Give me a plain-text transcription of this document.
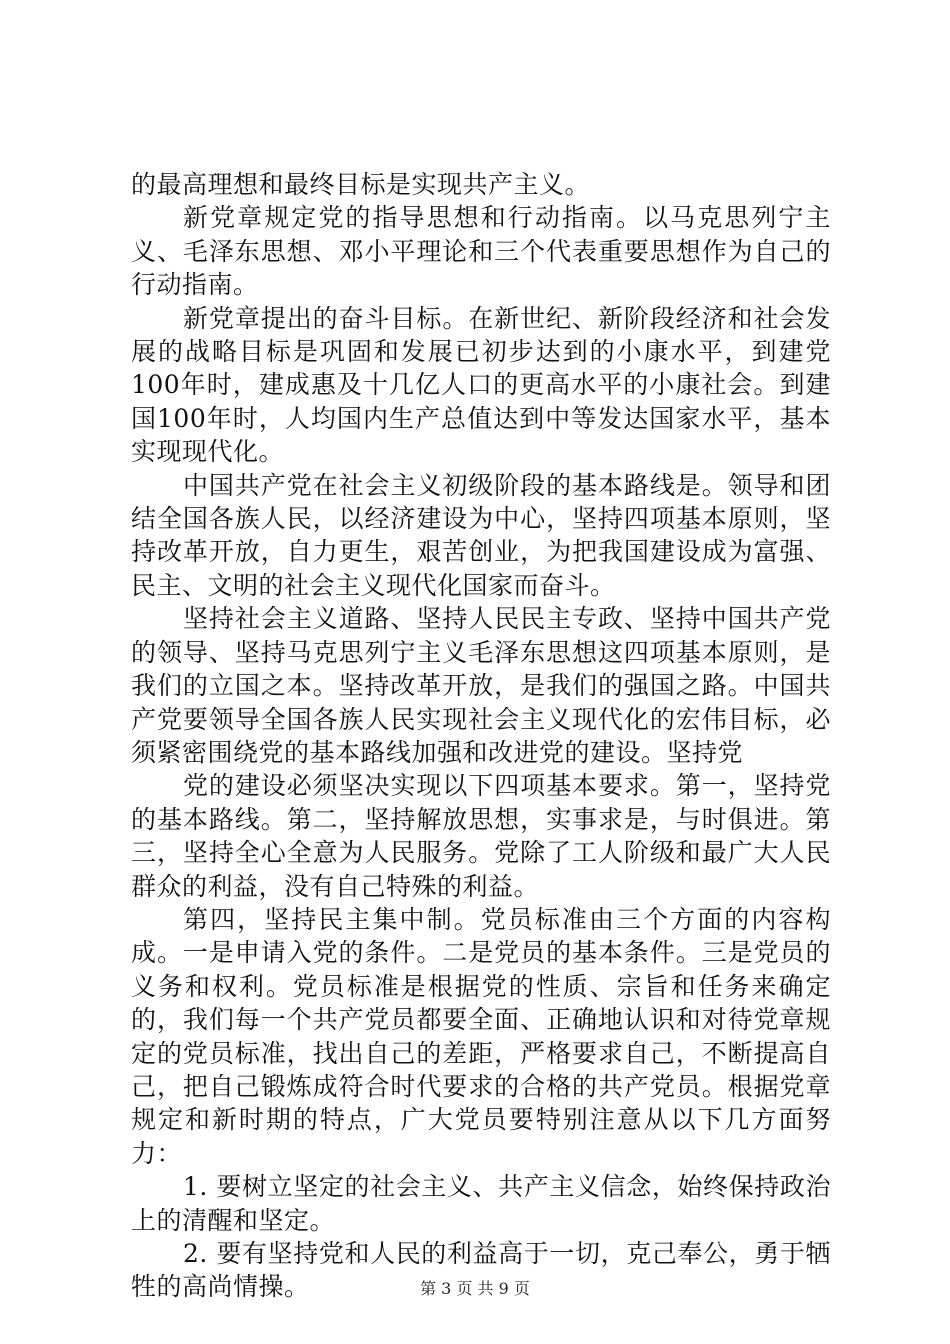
的最高理想和最终目标是实现共产主义。

新党章规定党的指导思想和行动指南。以马克思列宁主义、毛泽东思想、邓小平理论和三个代表重要思想作为自己的行动指南。

新党章提出的奋斗目标。在新世纪、新阶段经济和社会发展的战略目标是巩固和发展已初步达到的小康水平，到建党100年时，建成惠及十几亿人口的更高水平的小康社会。到建国100年时，人均国内生产总值达到中等发达国家水平，基本实现现代化。

中国共产党在社会主义初级阶段的基本路线是。领导和团结全国各族人民，以经济建设为中心，坚持四项基本原则，坚持改革开放，自力更生，艰苦创业，为把我国建设成为富强、民主、文明的社会主义现代化国家而奋斗。

坚持社会主义道路、坚持人民民主专政、坚持中国共产党的领导、坚持马克思列宁主义毛泽东思想这四项基本原则，是我们的立国之本。坚持改革开放，是我们的强国之路。中国共产党要领导全国各族人民实现社会主义现代化的宏伟目标，必须紧密围绕党的基本路线加强和改进党的建设。坚持党

党的建设必须坚决实现以下四项基本要求。第一，坚持党的基本路线。第二，坚持解放思想，实事求是，与时俱进。第三，坚持全心全意为人民服务。党除了工人阶级和最广大人民群众的利益，没有自己特殊的利益。

第四，坚持民主集中制。党员标准由三个方面的内容构成。一是申请入党的条件。二是党员的基本条件。三是党员的义务和权利。党员标准是根据党的性质、宗旨和任务来确定的，我们每一个共产党员都要全面、正确地认识和对待党章规定的党员标准，找出自己的差距，严格要求自己，不断提高自己，把自己锻炼成符合时代要求的合格的共产党员。根据党章规定和新时期的特点，广大党员要特别注意从以下几方面努力：

1. 要树立坚定的社会主义、共产主义信念，始终保持政治上的清醒和坚定。

2. 要有坚持党和人民的利益高于一切，克己奉公，勇于牺牲的高尚情操。	第 3 页 共 9 页
